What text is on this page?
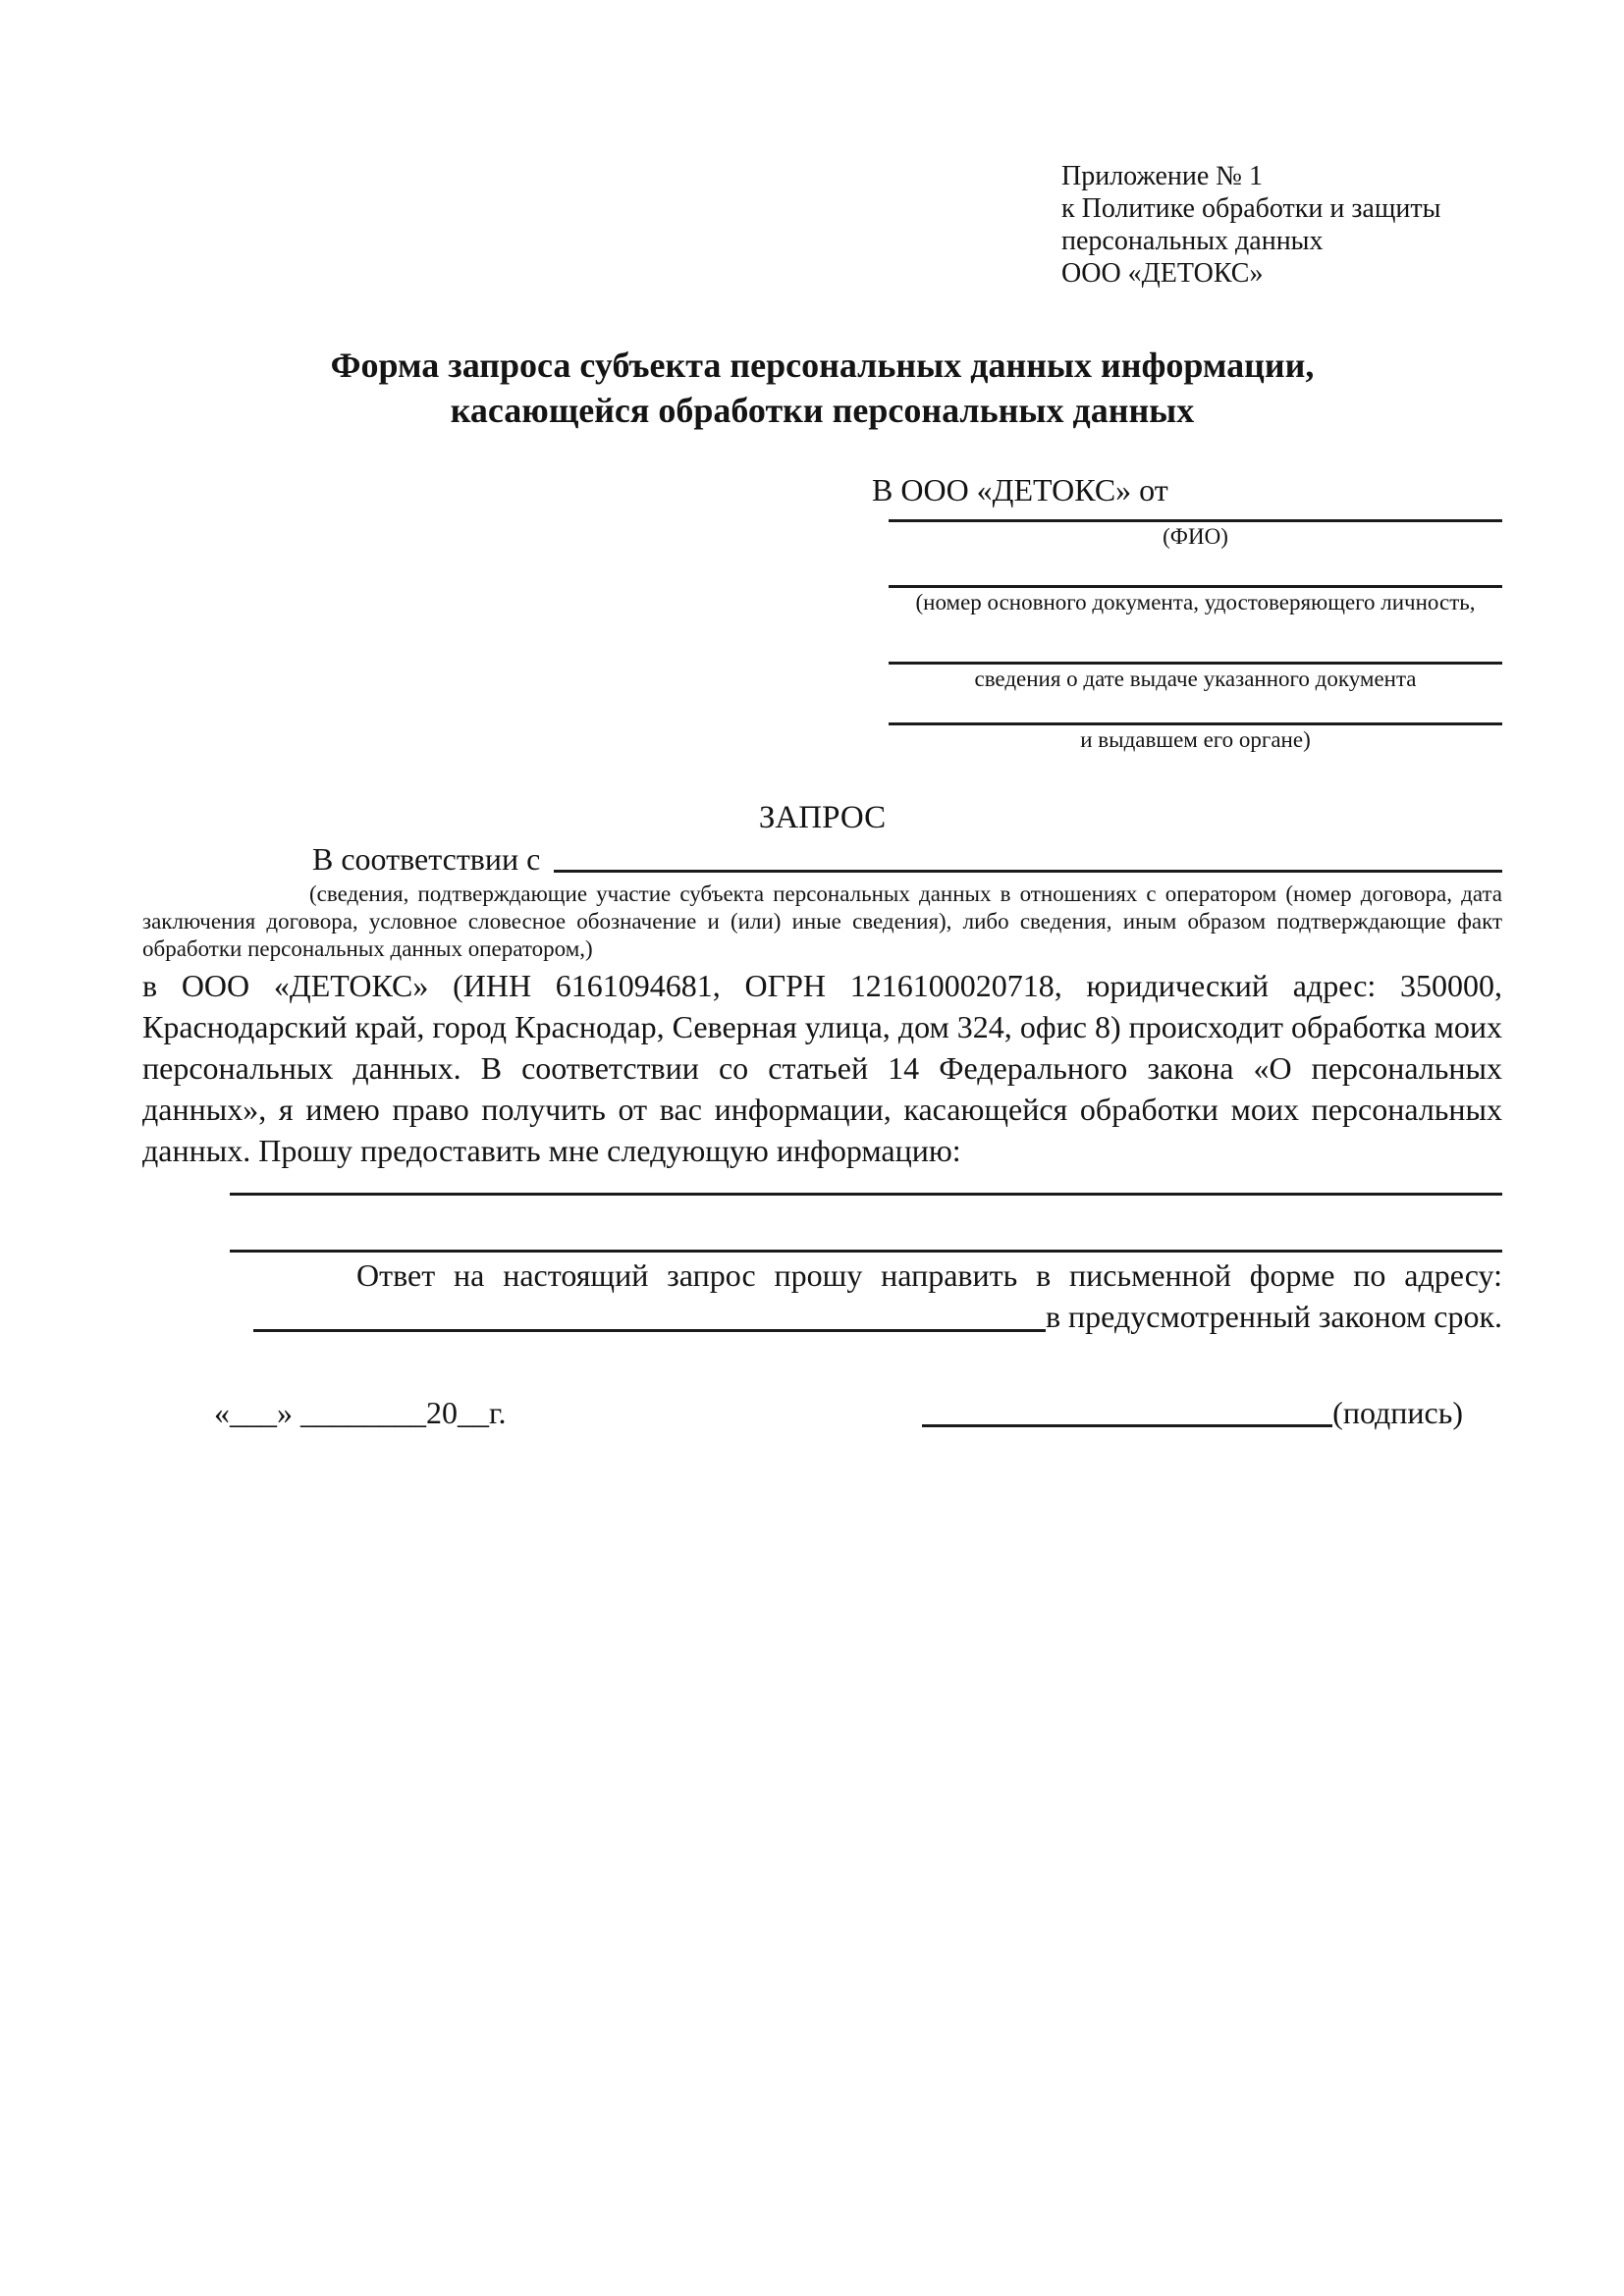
Приложение № 1
к Политике обработки и защиты
персональных данных
ООО «ДЕТОКС»
Форма запроса субъекта персональных данных информации,
касающейся обработки персональных данных
В ООО «ДЕТОКС» от
(ФИО)
(номер основного документа, удостоверяющего личность,
сведения о дате выдаче указанного документа
и выдавшем его органе)
ЗАПРОС
В соответствии с

(сведения, подтверждающие участие субъекта персональных данных в отношениях с оператором (номер договора, дата заключения договора, условное словесное обозначение и (или) иные сведения), либо сведения, иным образом подтверждающие факт обработки персональных данных оператором,)

в ООО «ДЕТОКС» (ИНН 6161094681, ОГРН 1216100020718, юридический адрес: 350000, Краснодарский край, город Краснодар, Северная улица, дом 324, офис 8) происходит обработка моих персональных данных. В соответствии со статьей 14 Федерального закона «О персональных данных», я имею право получить от вас информации, касающейся обработки моих персональных данных. Прошу предоставить мне следующую информацию:

Ответ на настоящий запрос прошу направить в письменной форме по адресу:

в предусмотренный законом срок.
«___» ________20__г.	(подпись)
